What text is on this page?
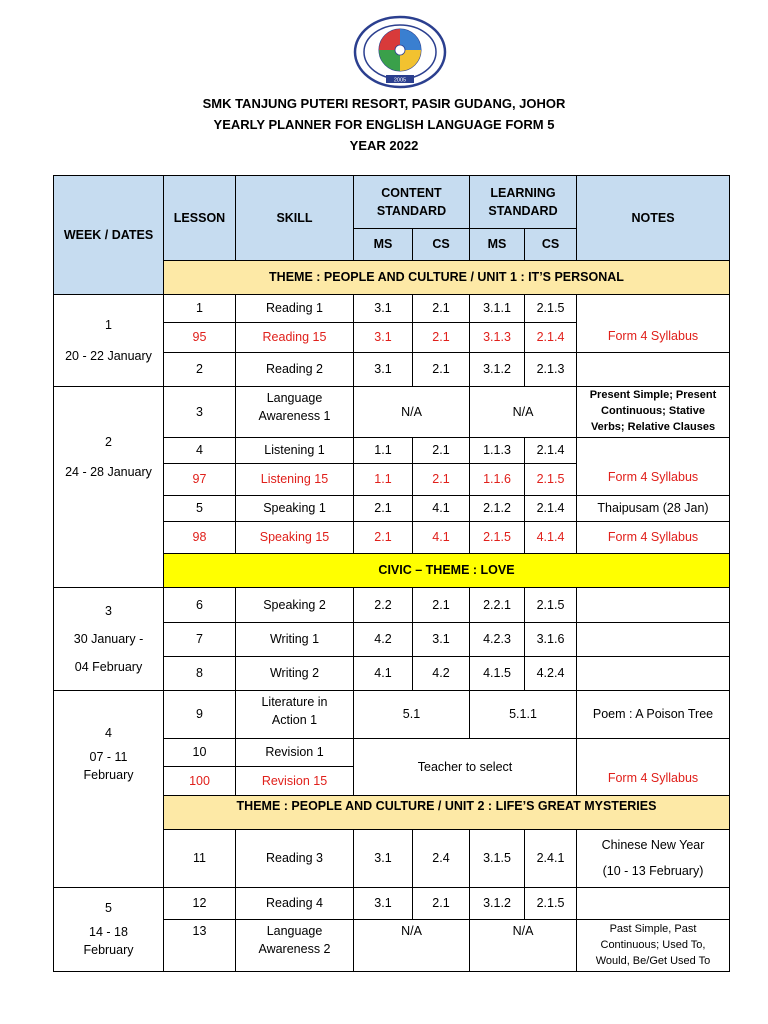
2005
SMK TANJUNG PUTERI RESORT, PASIR GUDANG, JOHOR
YEARLY PLANNER FOR ENGLISH LANGUAGE FORM 5
YEAR 2022
WEEK / DATES	LESSON	SKILL	CONTENT STANDARD		LEARNING STANDARD		NOTES
			MS	CS	MS	CS	
	THEME : PEOPLE AND CULTURE / UNIT 1 : IT’S PERSONAL						

1
20 - 22 January	1	Reading 1	3.1	2.1	3.1.1	2.1.5	Form 4 Syllabus
	95	Reading 15	3.1	2.1	3.1.3	2.1.4	
	2	Reading 2	3.1	2.1	3.1.2	2.1.3	

2
24 - 28 January	3	Language
Awareness 1	N/A		N/A		Present Simple; Present
Continuous; Stative
Verbs; Relative Clauses

	4	Listening 1	1.1	2.1	1.1.3	2.1.4	Form 4 Syllabus
	97	Listening 15	1.1	2.1	1.1.6	2.1.5	
	5	Speaking 1	2.1	4.1	2.1.2	2.1.4	Thaipusam (28 Jan)
	98	Speaking 15	2.1	4.1	2.1.5	4.1.4	Form 4 Syllabus
	CIVIC – THEME : LOVE						

3
30 January -
04 February	6	Speaking 2	2.2	2.1	2.2.1	2.1.5	
	7	Writing 1	4.2	3.1	4.2.3	3.1.6	
	8	Writing 2	4.1	4.2	4.1.5	4.2.4	

4
07 - 11
February	9	Literature in
Action 1	5.1		5.1.1		Poem : A Poison Tree
	10	Revision 1	Teacher to select				Form 4 Syllabus
	100	Revision 15					
	THEME : PEOPLE AND CULTURE / UNIT 2 : LIFE’S GREAT MYSTERIES						
	11	Reading 3	3.1	2.4	3.1.5	2.4.1	Chinese New Year
(10 - 13 February)

5
14 - 18
February	12	Reading 4	3.1	2.1	3.1.2	2.1.5	
	13	Language
Awareness 2	N/A		N/A		Past Simple, Past
Continuous; Used To,
Would, Be/Get Used To
